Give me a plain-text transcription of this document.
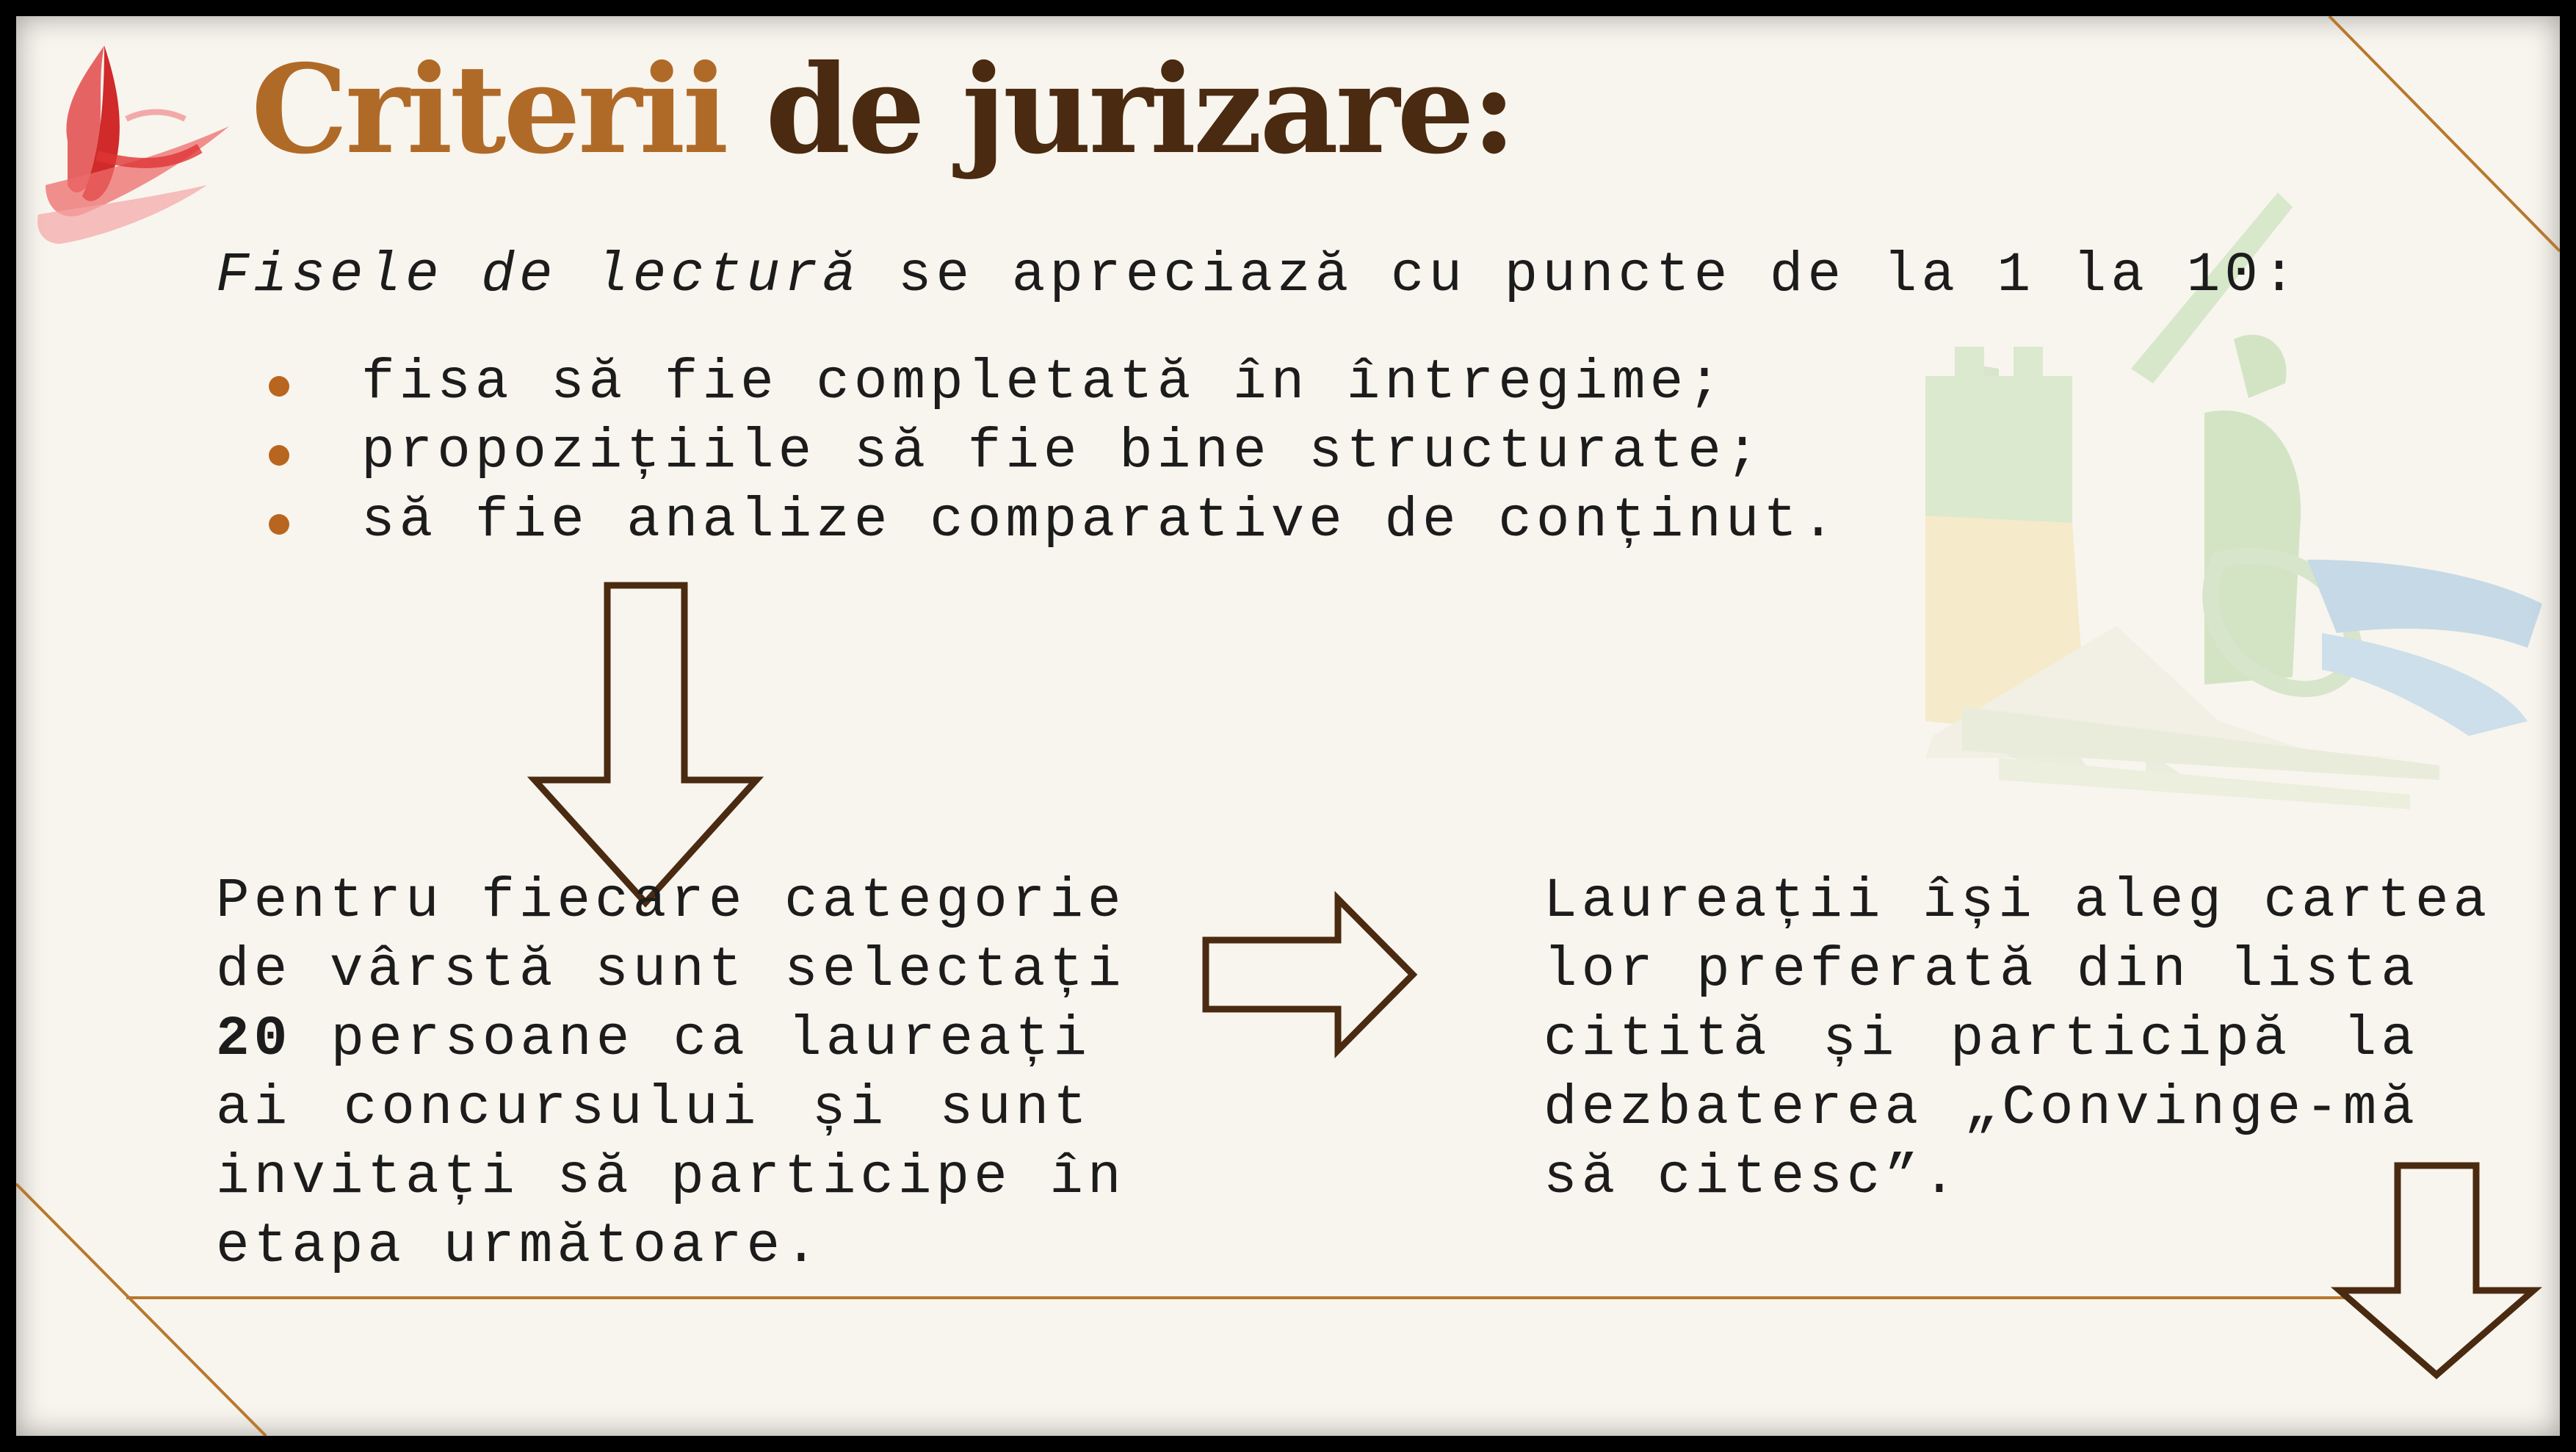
Criterii de jurizare:
Fisele de lectură se apreciază cu puncte de la 1 la 10:
fisa să fie completată în întregime;
propozițiile să fie bine structurate;
să fie analize comparative de conținut.
Pentru fiecare categorie
de vârstă sunt selectați
20 persoane ca laureați
ai concursului și sunt
invitați să participe în
etapa următoare.
Laureații își aleg cartea
lor preferată din lista
citită și participă la
dezbaterea „Convinge-mă
să citesc”.
